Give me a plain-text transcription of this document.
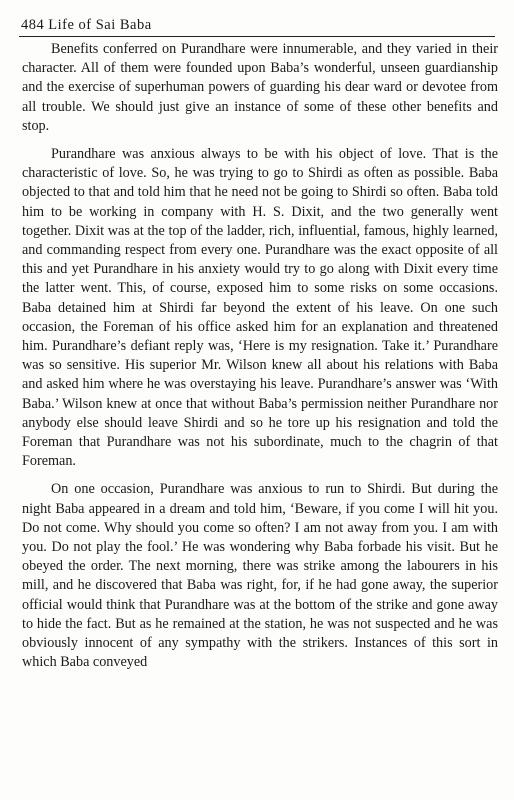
484 Life of Sai Baba

Benefits conferred on Purandhare were innumerable, and they varied in their character. All of them were founded upon Baba’s wonderful, unseen guardianship and the exercise of superhuman powers of guarding his dear ward or devotee from all trouble. We should just give an instance of some of these other benefits and stop.

Purandhare was anxious always to be with his object of love. That is the characteristic of love. So, he was trying to go to Shirdi as often as possible. Baba objected to that and told him that he need not be going to Shirdi so often. Baba told him to be working in company with H. S. Dixit, and the two generally went together. Dixit was at the top of the ladder, rich, influential, famous, highly learned, and commanding respect from every one. Purandhare was the exact opposite of all this and yet Purandhare in his anxiety would try to go along with Dixit every time the latter went. This, of course, exposed him to some risks on some occasions. Baba detained him at Shirdi far beyond the extent of his leave. On one such occasion, the Foreman of his office asked him for an explanation and threatened him. Purandhare’s defiant reply was, ‘Here is my resignation. Take it.’ Purandhare was so sensitive. His superior Mr. Wilson knew all about his relations with Baba and asked him where he was overstaying his leave. Purandhare’s answer was ‘With Baba.’ Wilson knew at once that without Baba’s permission neither Purandhare nor anybody else should leave Shirdi and so he tore up his resignation and told the Foreman that Purandhare was not his subordinate, much to the chagrin of that Foreman.

On one occasion, Purandhare was anxious to run to Shirdi. But during the night Baba appeared in a dream and told him, ‘Beware, if you come I will hit you. Do not come. Why should you come so often? I am not away from you. I am with you. Do not play the fool.’ He was wondering why Baba forbade his visit. But he obeyed the order. The next morning, there was strike among the labourers in his mill, and he discovered that Baba was right, for, if he had gone away, the superior official would think that Purandhare was at the bottom of the strike and gone away to hide the fact. But as he remained at the station, he was not suspected and he was obviously innocent of any sympathy with the strikers. Instances of this sort in which Baba conveyed
